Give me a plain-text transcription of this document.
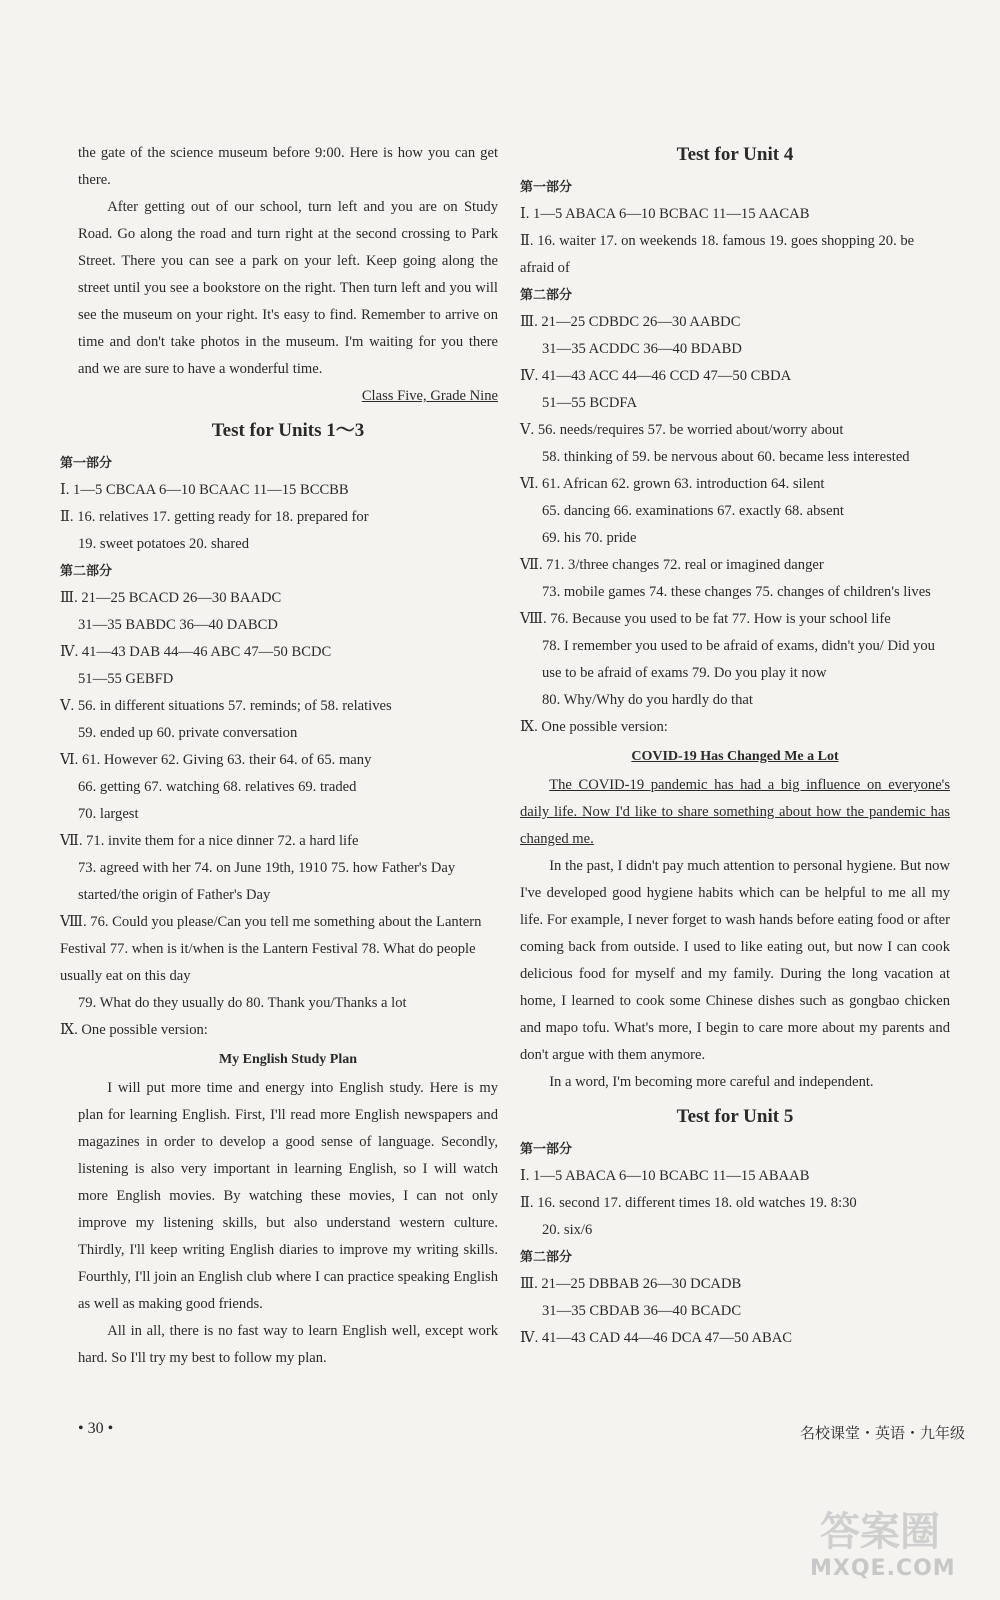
the gate of the science museum before 9:00. Here is how you can get there.

After getting out of our school, turn left and you are on Study Road. Go along the road and turn right at the second crossing to Park Street. There you can see a park on your left. Keep going along the street until you see a bookstore on the right. Then turn left and you will see the museum on your right. It's easy to find. Remember to arrive on time and don't take photos in the museum. I'm waiting for you there and we are sure to have a wonderful time.

Class Five, Grade Nine

Test for Units 1～3

第一部分

Ⅰ. 1—5 CBCAA 6—10 BCAAC 11—15 BCCBB

Ⅱ. 16. relatives 17. getting ready for 18. prepared for

19. sweet potatoes 20. shared

第二部分

Ⅲ. 21—25 BCACD 26—30 BAADC

31—35 BABDC 36—40 DABCD

Ⅳ. 41—43 DAB 44—46 ABC 47—50 BCDC

51—55 GEBFD

Ⅴ. 56. in different situations 57. reminds; of 58. relatives

59. ended up 60. private conversation

Ⅵ. 61. However 62. Giving 63. their 64. of 65. many

66. getting 67. watching 68. relatives 69. traded

70. largest

Ⅶ. 71. invite them for a nice dinner 72. a hard life

73. agreed with her 74. on June 19th, 1910 75. how Father's Day started/the origin of Father's Day

Ⅷ. 76. Could you please/Can you tell me something about the Lantern Festival 77. when is it/when is the Lantern Festival 78. What do people usually eat on this day

79. What do they usually do 80. Thank you/Thanks a lot

Ⅸ. One possible version:

My English Study Plan

I will put more time and energy into English study. Here is my plan for learning English. First, I'll read more English newspapers and magazines in order to develop a good sense of language. Secondly, listening is also very important in learning English, so I will watch more English movies. By watching these movies, I can not only improve my listening skills, but also understand western culture. Thirdly, I'll keep writing English diaries to improve my writing skills. Fourthly, I'll join an English club where I can practice speaking English as well as making good friends.

All in all, there is no fast way to learn English well, except work hard. So I'll try my best to follow my plan.

Test for Unit 4

第一部分

Ⅰ. 1—5 ABACA 6—10 BCBAC 11—15 AACAB

Ⅱ. 16. waiter 17. on weekends 18. famous 19. goes shopping 20. be afraid of

第二部分

Ⅲ. 21—25 CDBDC 26—30 AABDC

31—35 ACDDC 36—40 BDABD

Ⅳ. 41—43 ACC 44—46 CCD 47—50 CBDA

51—55 BCDFA

Ⅴ. 56. needs/requires 57. be worried about/worry about

58. thinking of 59. be nervous about 60. became less interested

Ⅵ. 61. African 62. grown 63. introduction 64. silent

65. dancing 66. examinations 67. exactly 68. absent

69. his 70. pride

Ⅶ. 71. 3/three changes 72. real or imagined danger

73. mobile games 74. these changes 75. changes of children's lives

Ⅷ. 76. Because you used to be fat 77. How is your school life

78. I remember you used to be afraid of exams, didn't you/ Did you use to be afraid of exams 79. Do you play it now

80. Why/Why do you hardly do that

Ⅸ. One possible version:

COVID-19 Has Changed Me a Lot

The COVID-19 pandemic has had a big influence on everyone's daily life. Now I'd like to share something about how the pandemic has changed me.

In the past, I didn't pay much attention to personal hygiene. But now I've developed good hygiene habits which can be helpful to me all my life. For example, I never forget to wash hands before eating food or after coming back from outside. I used to like eating out, but now I can cook delicious food for myself and my family. During the long vacation at home, I learned to cook some Chinese dishes such as gongbao chicken and mapo tofu. What's more, I begin to care more about my parents and don't argue with them anymore.

In a word, I'm becoming more careful and independent.

Test for Unit 5

第一部分

Ⅰ. 1—5 ABACA 6—10 BCABC 11—15 ABAAB

Ⅱ. 16. second 17. different times 18. old watches 19. 8:30

20. six/6

第二部分

Ⅲ. 21—25 DBBAB 26—30 DCADB

31—35 CBDAB 36—40 BCADC

Ⅳ. 41—43 CAD 44—46 DCA 47—50 ABAC

• 30 •	名校课堂・英语・九年级
答案圈
MXQE.COM
